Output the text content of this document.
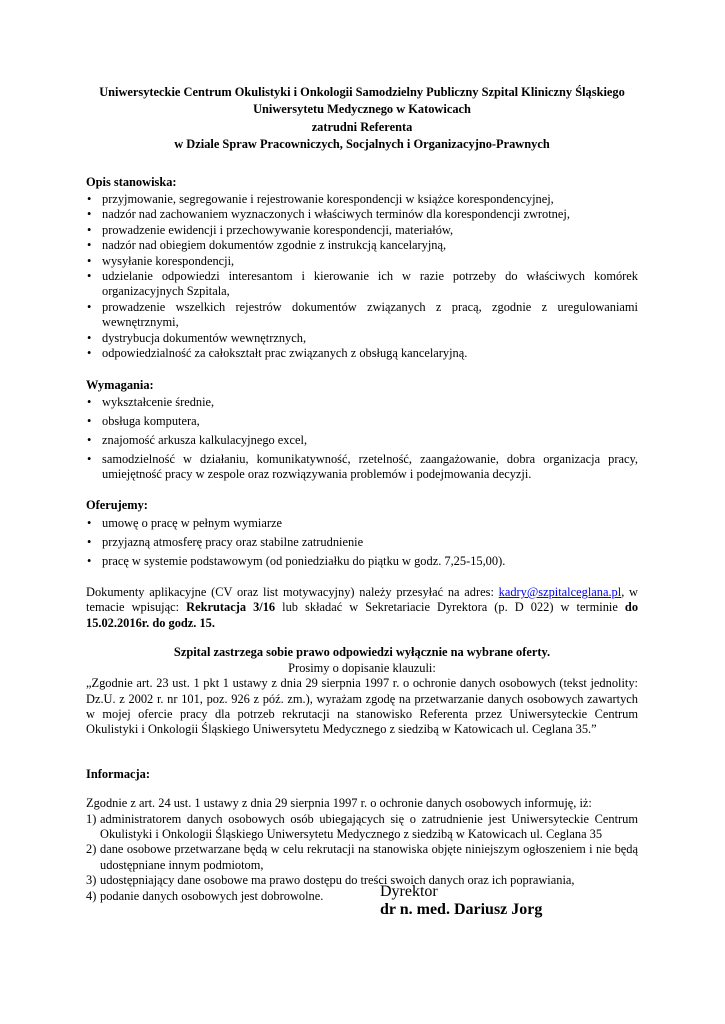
Uniwersyteckie Centrum Okulistyki i Onkologii Samodzielny Publiczny Szpital Kliniczny Śląskiego
Uniwersytetu Medycznego w Katowicach
zatrudni Referenta
w Dziale Spraw Pracowniczych, Socjalnych i Organizacyjno-Prawnych
Opis stanowiska:
• przyjmowanie, segregowanie i rejestrowanie korespondencji w książce korespondencyjnej,
• nadzór nad zachowaniem wyznaczonych i właściwych terminów dla korespondencji zwrotnej,
• prowadzenie ewidencji i przechowywanie korespondencji, materiałów,
• nadzór nad obiegiem dokumentów zgodnie z instrukcją kancelaryjną,
• wysyłanie korespondencji,
• udzielanie odpowiedzi interesantom i kierowanie ich w razie potrzeby do właściwych komórek organizacyjnych Szpitala,
• prowadzenie wszelkich rejestrów dokumentów związanych z pracą, zgodnie z uregulowaniami wewnętrznymi,
• dystrybucja dokumentów wewnętrznych,
• odpowiedzialność za całokształt prac związanych z obsługą kancelaryjną.
Wymagania:
• wykształcenie średnie,
• obsługa komputera,
• znajomość arkusza kalkulacyjnego excel,
• samodzielność w działaniu, komunikatywność, rzetelność, zaangażowanie, dobra organizacja pracy, umiejętność pracy w zespole oraz rozwiązywania problemów i podejmowania decyzji.
Oferujemy:
• umowę o pracę w pełnym wymiarze
• przyjazną atmosferę pracy oraz stabilne zatrudnienie
• pracę w systemie podstawowym (od poniedziałku do piątku w godz. 7,25-15,00).

Dokumenty aplikacyjne (CV oraz list motywacyjny) należy przesyłać na adres: kadry@szpitalceglana.pl, w temacie wpisując: Rekrutacja 3/16 lub składać w Sekretariacie Dyrektora (p. D 022) w terminie do 15.02.2016r. do godz. 15.

Szpital zastrzega sobie prawo odpowiedzi wyłącznie na wybrane oferty.
Prosimy o dopisanie klauzuli:

„Zgodnie art. 23 ust. 1 pkt 1 ustawy z dnia 29 sierpnia 1997 r. o ochronie danych osobowych (tekst jednolity: Dz.U. z 2002 r. nr 101, poz. 926 z póź. zm.), wyrażam zgodę na przetwarzanie danych osobowych zawartych w mojej ofercie pracy dla potrzeb rekrutacji na stanowisko Referenta przez Uniwersyteckie Centrum Okulistyki i Onkologii Śląskiego Uniwersytetu Medycznego z siedzibą w Katowicach ul. Ceglana 35.”

Informacja:

Zgodnie z art. 24 ust. 1 ustawy z dnia 29 sierpnia 1997 r. o ochronie danych osobowych informuję, iż:

1) administratorem danych osobowych osób ubiegających się o zatrudnienie jest Uniwersyteckie Centrum Okulistyki i Onkologii Śląskiego Uniwersytetu Medycznego z siedzibą w Katowicach ul. Ceglana 35
2) dane osobowe przetwarzane będą w celu rekrutacji na stanowiska objęte niniejszym ogłoszeniem i nie będą udostępniane innym podmiotom,
3) udostępniający dane osobowe ma prawo dostępu do treści swoich danych oraz ich poprawiania,
4) podanie danych osobowych jest dobrowolne.	Dyrektor
dr n. med. Dariusz Jorg
